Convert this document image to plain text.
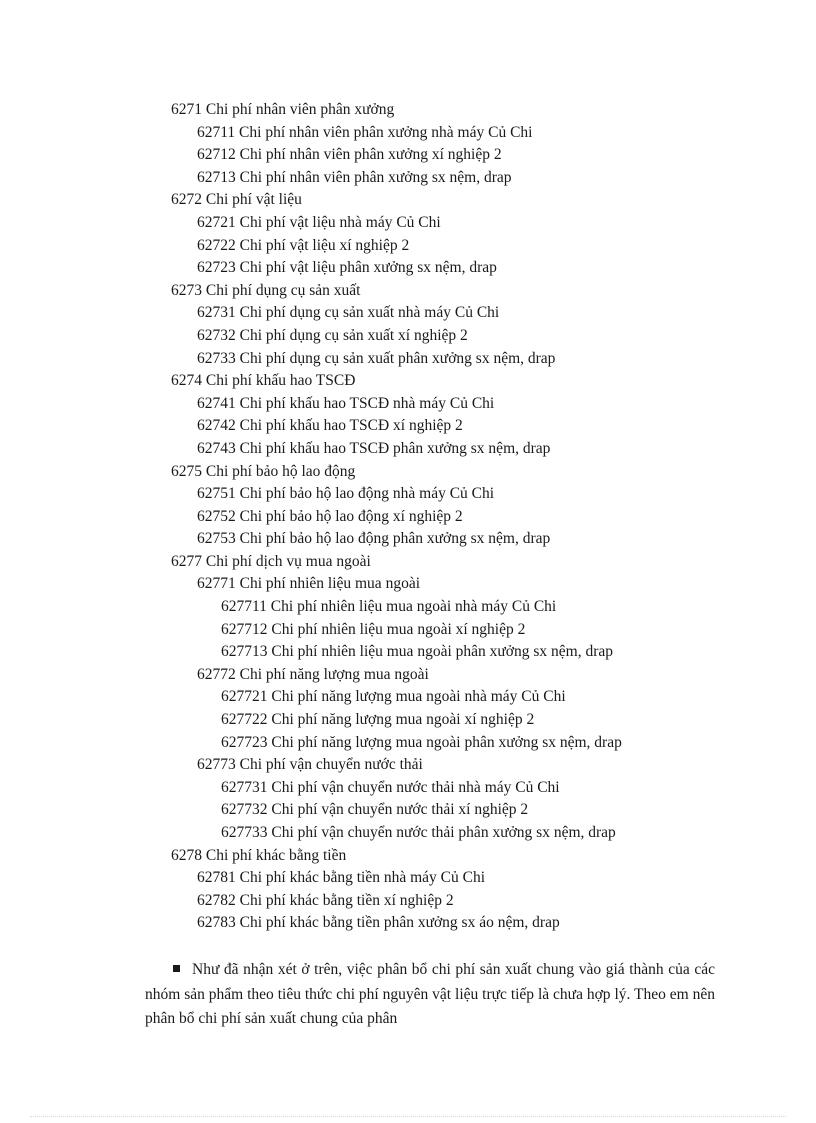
6271 Chi phí nhân viên phân xưởng
62711 Chi phí nhân viên phân xưởng nhà máy Củ Chi
62712 Chi phí nhân viên phân xưởng xí nghiệp 2
62713 Chi phí nhân viên phân xưởng sx nệm, drap
6272 Chi phí vật liệu
62721 Chi phí vật liệu nhà máy Củ Chi
62722 Chi phí vật liệu xí nghiệp 2
62723 Chi phí vật liệu phân xưởng sx nệm, drap
6273 Chi phí dụng cụ sản xuất
62731 Chi phí dụng cụ sản xuất nhà máy Củ Chi
62732 Chi phí dụng cụ sản xuất xí nghiệp 2
62733 Chi phí dụng cụ sản xuất phân xưởng sx nệm, drap
6274 Chi phí khấu hao TSCĐ
62741 Chi phí khấu hao TSCĐ nhà máy Củ Chi
62742 Chi phí khấu hao TSCĐ xí nghiệp 2
62743 Chi phí khấu hao TSCĐ phân xưởng sx nệm, drap
6275 Chi phí bảo hộ lao động
62751 Chi phí bảo hộ lao động nhà máy Củ Chi
62752 Chi phí bảo hộ lao động xí nghiệp 2
62753 Chi phí bảo hộ lao động phân xưởng sx nệm, drap
6277 Chi phí dịch vụ mua ngoài
62771 Chi phí nhiên liệu mua ngoài
627711 Chi phí nhiên liệu mua ngoài nhà máy Củ Chi
627712 Chi phí nhiên liệu mua ngoài xí nghiệp 2
627713 Chi phí nhiên liệu mua ngoài phân xưởng sx nệm, drap
62772 Chi phí năng lượng mua ngoài
627721 Chi phí năng lượng mua ngoài nhà máy Củ Chi
627722 Chi phí năng lượng mua ngoài xí nghiệp 2
627723 Chi phí năng lượng mua ngoài phân xưởng sx nệm, drap
62773 Chi phí vận chuyển nước thải
627731 Chi phí vận chuyển nước thải nhà máy Củ Chi
627732 Chi phí vận chuyển nước thải xí nghiệp 2
627733 Chi phí vận chuyển nước thải phân xưởng sx nệm, drap
6278 Chi phí khác bằng tiền
62781 Chi phí khác bằng tiền nhà máy Củ Chi
62782 Chi phí khác bằng tiền xí nghiệp 2
62783 Chi phí khác bằng tiền phân xưởng sx áo nệm, drap
Như đã nhận xét ở trên, việc phân bổ chi phí sản xuất chung vào giá thành của các nhóm sản phẩm theo tiêu thức chi phí nguyên vật liệu trực tiếp là chưa hợp lý. Theo em nên phân bổ chi phí sản xuất chung của phân
